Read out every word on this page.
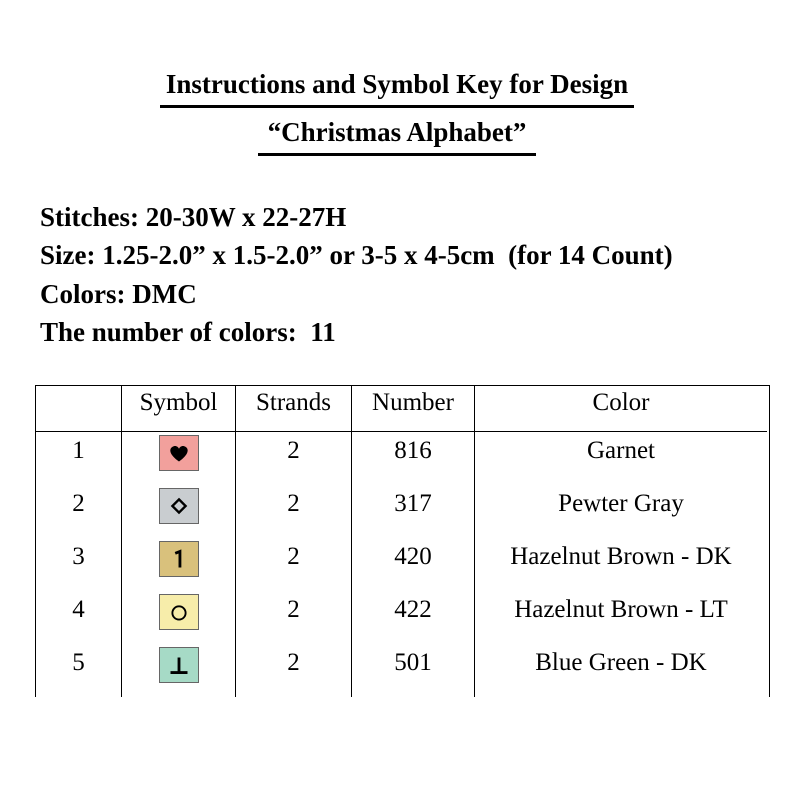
Instructions and Symbol Key for Design
“Christmas Alphabet”
Stitches: 20-30W x 22-27H
Size: 1.25-2.0” x 1.5-2.0” or 3-5 x 4-5cm  (for 14 Count)
Colors: DMC
The number of colors:  11
Symbol	Strands	Number	Color
1	2	816	Garnet
2	2	317	Pewter Gray
3	2	420	Hazelnut Brown - DK
4	2	422	Hazelnut Brown - LT
5	2	501	Blue Green - DK
